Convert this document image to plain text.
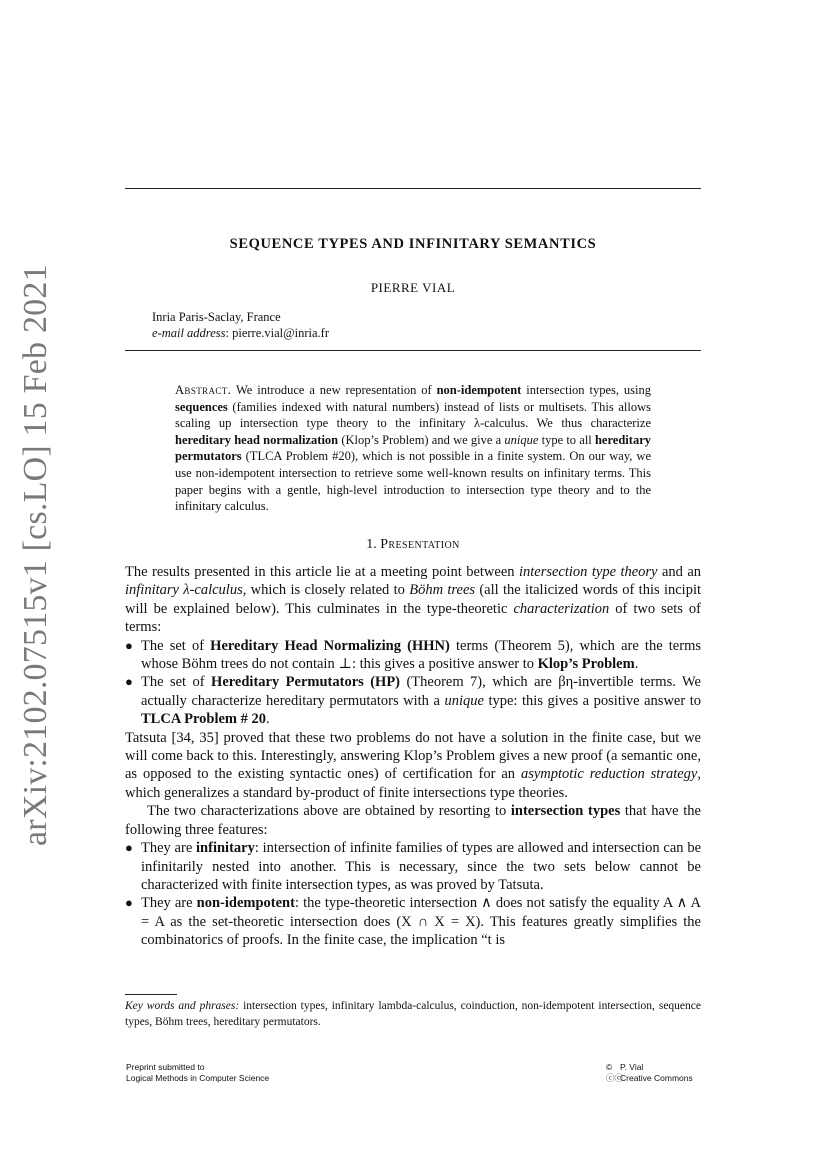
arXiv:2102.07515v1 [cs.LO] 15 Feb 2021
SEQUENCE TYPES AND INFINITARY SEMANTICS
PIERRE VIAL
Inria Paris-Saclay, France
e-mail address: pierre.vial@inria.fr
Abstract. We introduce a new representation of non-idempotent intersection types, using sequences (families indexed with natural numbers) instead of lists or multisets. This allows scaling up intersection type theory to the infinitary λ-calculus. We thus characterize hereditary head normalization (Klop’s Problem) and we give a unique type to all hereditary permutators (TLCA Problem #20), which is not possible in a finite system. On our way, we use non-idempotent intersection to retrieve some well-known results on infinitary terms. This paper begins with a gentle, high-level introduction to intersection type theory and to the infinitary calculus.
1. Presentation

The results presented in this article lie at a meeting point between intersection type theory and an infinitary λ-calculus, which is closely related to Böhm trees (all the italicized words of this incipit will be explained below). This culminates in the type-theoretic characterization of two sets of terms:

● The set of Hereditary Head Normalizing (HHN) terms (Theorem 5), which are the terms whose Böhm trees do not contain ⊥: this gives a positive answer to Klop’s Problem.

● The set of Hereditary Permutators (HP) (Theorem 7), which are βη-invertible terms. We actually characterize hereditary permutators with a unique type: this gives a positive answer to TLCA Problem # 20.

Tatsuta [34, 35] proved that these two problems do not have a solution in the finite case, but we will come back to this. Interestingly, answering Klop’s Problem gives a new proof (a semantic one, as opposed to the existing syntactic ones) of certification for an asymptotic reduction strategy, which generalizes a standard by-product of finite intersections type theories.

The two characterizations above are obtained by resorting to intersection types that have the following three features:

● They are infinitary: intersection of infinite families of types are allowed and intersection can be infinitarily nested into another. This is necessary, since the two sets below cannot be characterized with finite intersection types, as was proved by Tatsuta.

● They are non-idempotent: the type-theoretic intersection ∧ does not satisfy the equality A ∧ A = A as the set-theoretic intersection does (X ∩ X = X). This features greatly simplifies the combinatorics of proofs. In the finite case, the implication “t is

Key words and phrases: intersection types, infinitary lambda-calculus, coinduction, non-idempotent intersection, sequence types, Böhm trees, hereditary permutators.
Preprint submitted to
Logical Methods in Computer Science
© P. Vial
ⓒⓒCreative Commons
